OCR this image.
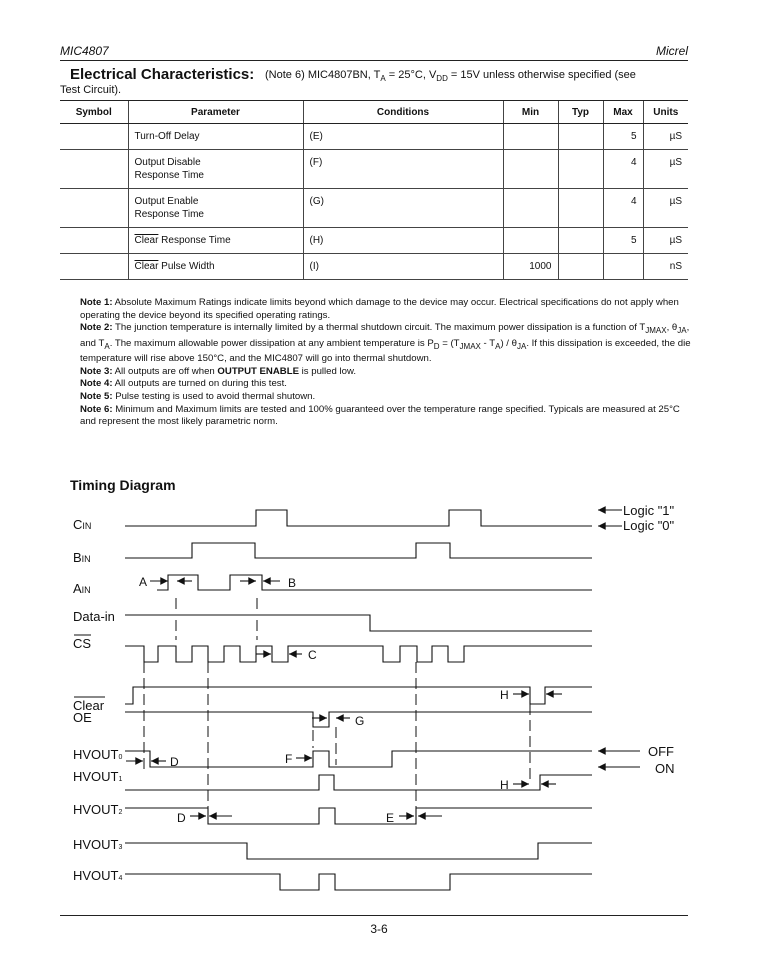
MIC4807	Micrel
Electrical Characteristics: (Note 6) MIC4807BN, $T_A = 25^\circ C$, $V_{DD} = 15V$ unless otherwise specified (see
Test Circuit).
Symbol	Parameter	Conditions	Min	Typ	Max	Units
	Turn-Off Delay	(E)			5	µS
	Output Disable
Response Time	(F)			4	µS
	Output Enable
Response Time	(G)			4	µS
	Clear Response Time	(H)			5	µS
	Clear Pulse Width	(I)	1000			nS

Note 1: Absolute Maximum Ratings indicate limits beyond which damage to the device may occur. Electrical specifications do not apply when operating the device beyond its specified operating ratings.

Note 2: The junction temperature is internally limited by a thermal shutdown circuit. The maximum power dissipation is a function of $T_{JMAX}$, $\theta_{JA}$, and $T_A$. The maximum allowable power dissipation at any ambient temperature is $P_D = (T_{JMAX} - T_A) / \theta_{JA}$. If this dissipation is exceeded, the die temperature will rise above 150°C, and the MIC4807 will go into thermal shutdown.

Note 3: All outputs are off when OUTPUT ENABLE is pulled low.

Note 4: All outputs are turned on during this test.

Note 5: Pulse testing is used to avoid thermal shutown.

Note 6: Minimum and Maximum limits are tested and 100% guaranteed over the temperature range specified. Typicals are measured at 25°C and represent the most likely parametric norm.

Timing Diagram
CIN
BIN
AIN
Data-in
CS
Clear
OE
HVOUT0
HVOUT1
HVOUT2
HVOUT3
HVOUT4
A	B
C
D
D	E
F
G
H
H
Logic "1"
Logic "0"
OFF
ON
3-6
